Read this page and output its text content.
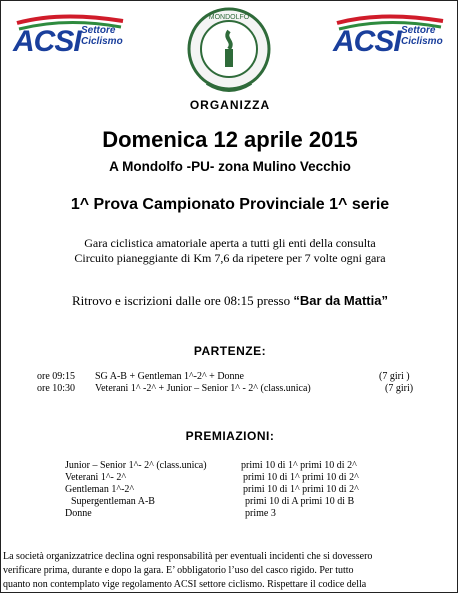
ACSI Settore
Ciclismo
MONDOLFO
ACSI Settore
Ciclismo
ORGANIZZA
Domenica 12 aprile 2015
A Mondolfo -PU- zona Mulino Vecchio
1^ Prova Campionato Provinciale 1^ serie
Gara ciclistica amatoriale aperta a tutti gli enti della consulta
Circuito pianeggiante di Km 7,6 da ripetere per 7 volte ogni gara
Ritrovo e iscrizioni dalle ore 08:15 presso “Bar da Mattia”
PARTENZE:
ore 09:15 SG A-B + Gentleman 1^-2^ + Donne	(7 giri )
ore 10:30 Veterani 1^ -2^ + Junior – Senior 1^ - 2^ (class.unica)	(7 giri)
PREMIAZIONI:
Junior – Senior 1^- 2^ (class.unica)	primi 10 di 1^ primi 10 di 2^
Veterani 1^- 2^	primi 10 di 1^ primi 10 di 2^
Gentleman 1^-2^	primi 10 di 1^ primi 10 di 2^
Supergentleman A-B	primi 10 di A primi 10 di B
Donne	prime 3
La società organizzatrice declina ogni responsabilità per eventuali incidenti che si dovessero
verificare prima, durante e dopo la gara. E’ obbligatorio l’uso del casco rigido. Per tutto
quanto non contemplato vige regolamento ACSI settore ciclismo. Rispettare il codice della
